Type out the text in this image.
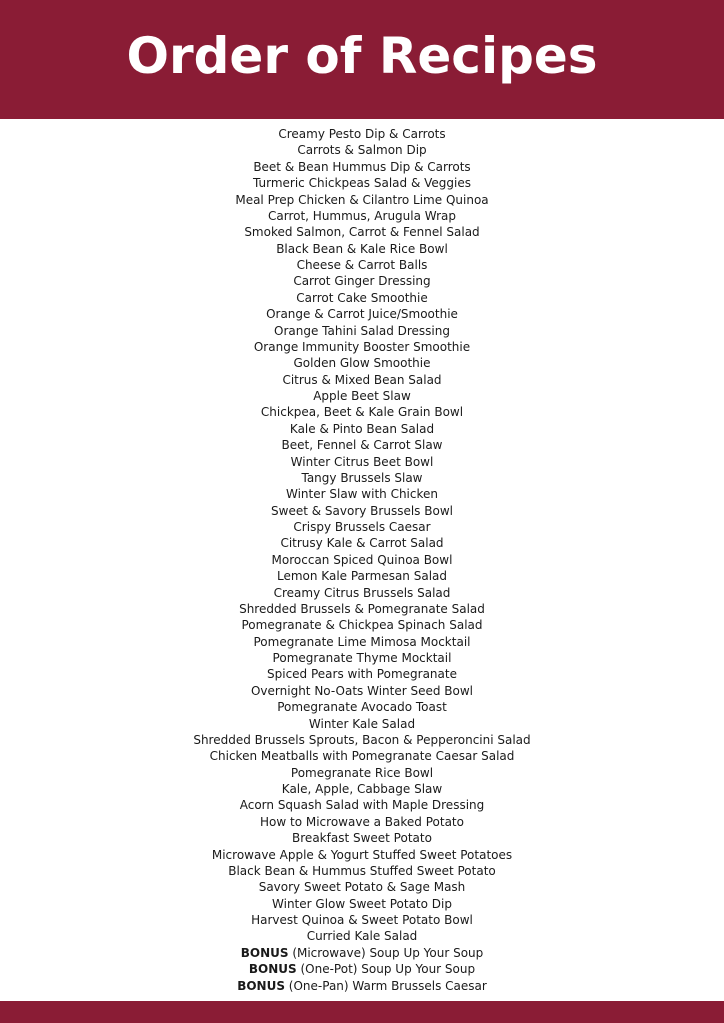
Order of Recipes
Creamy Pesto Dip & Carrots
Carrots & Salmon Dip
Beet & Bean Hummus Dip & Carrots
Turmeric Chickpeas Salad & Veggies
Meal Prep Chicken & Cilantro Lime Quinoa
Carrot, Hummus, Arugula Wrap
Smoked Salmon, Carrot & Fennel Salad
Black Bean & Kale Rice Bowl
Cheese & Carrot Balls
Carrot Ginger Dressing
Carrot Cake Smoothie
Orange & Carrot Juice/Smoothie
Orange Tahini Salad Dressing
Orange Immunity Booster Smoothie
Golden Glow Smoothie
Citrus & Mixed Bean Salad
Apple Beet Slaw
Chickpea, Beet & Kale Grain Bowl
Kale & Pinto Bean Salad
Beet, Fennel & Carrot Slaw
Winter Citrus Beet Bowl
Tangy Brussels Slaw
Winter Slaw with Chicken
Sweet & Savory Brussels Bowl
Crispy Brussels Caesar
Citrusy Kale & Carrot Salad
Moroccan Spiced Quinoa Bowl
Lemon Kale Parmesan Salad
Creamy Citrus Brussels Salad
Shredded Brussels & Pomegranate Salad
Pomegranate & Chickpea Spinach Salad
Pomegranate Lime Mimosa Mocktail
Pomegranate Thyme Mocktail
Spiced Pears with Pomegranate
Overnight No-Oats Winter Seed Bowl
Pomegranate Avocado Toast
Winter Kale Salad
Shredded Brussels Sprouts, Bacon & Pepperoncini Salad
Chicken Meatballs with Pomegranate Caesar Salad
Pomegranate Rice Bowl
Kale, Apple, Cabbage Slaw
Acorn Squash Salad with Maple Dressing
How to Microwave a Baked Potato
Breakfast Sweet Potato
Microwave Apple & Yogurt Stuffed Sweet Potatoes
Black Bean & Hummus Stuffed Sweet Potato
Savory Sweet Potato & Sage Mash
Winter Glow Sweet Potato Dip
Harvest Quinoa & Sweet Potato Bowl
Curried Kale Salad
BONUS (Microwave) Soup Up Your Soup
BONUS (One-Pot) Soup Up Your Soup
BONUS (One-Pan) Warm Brussels Caesar
